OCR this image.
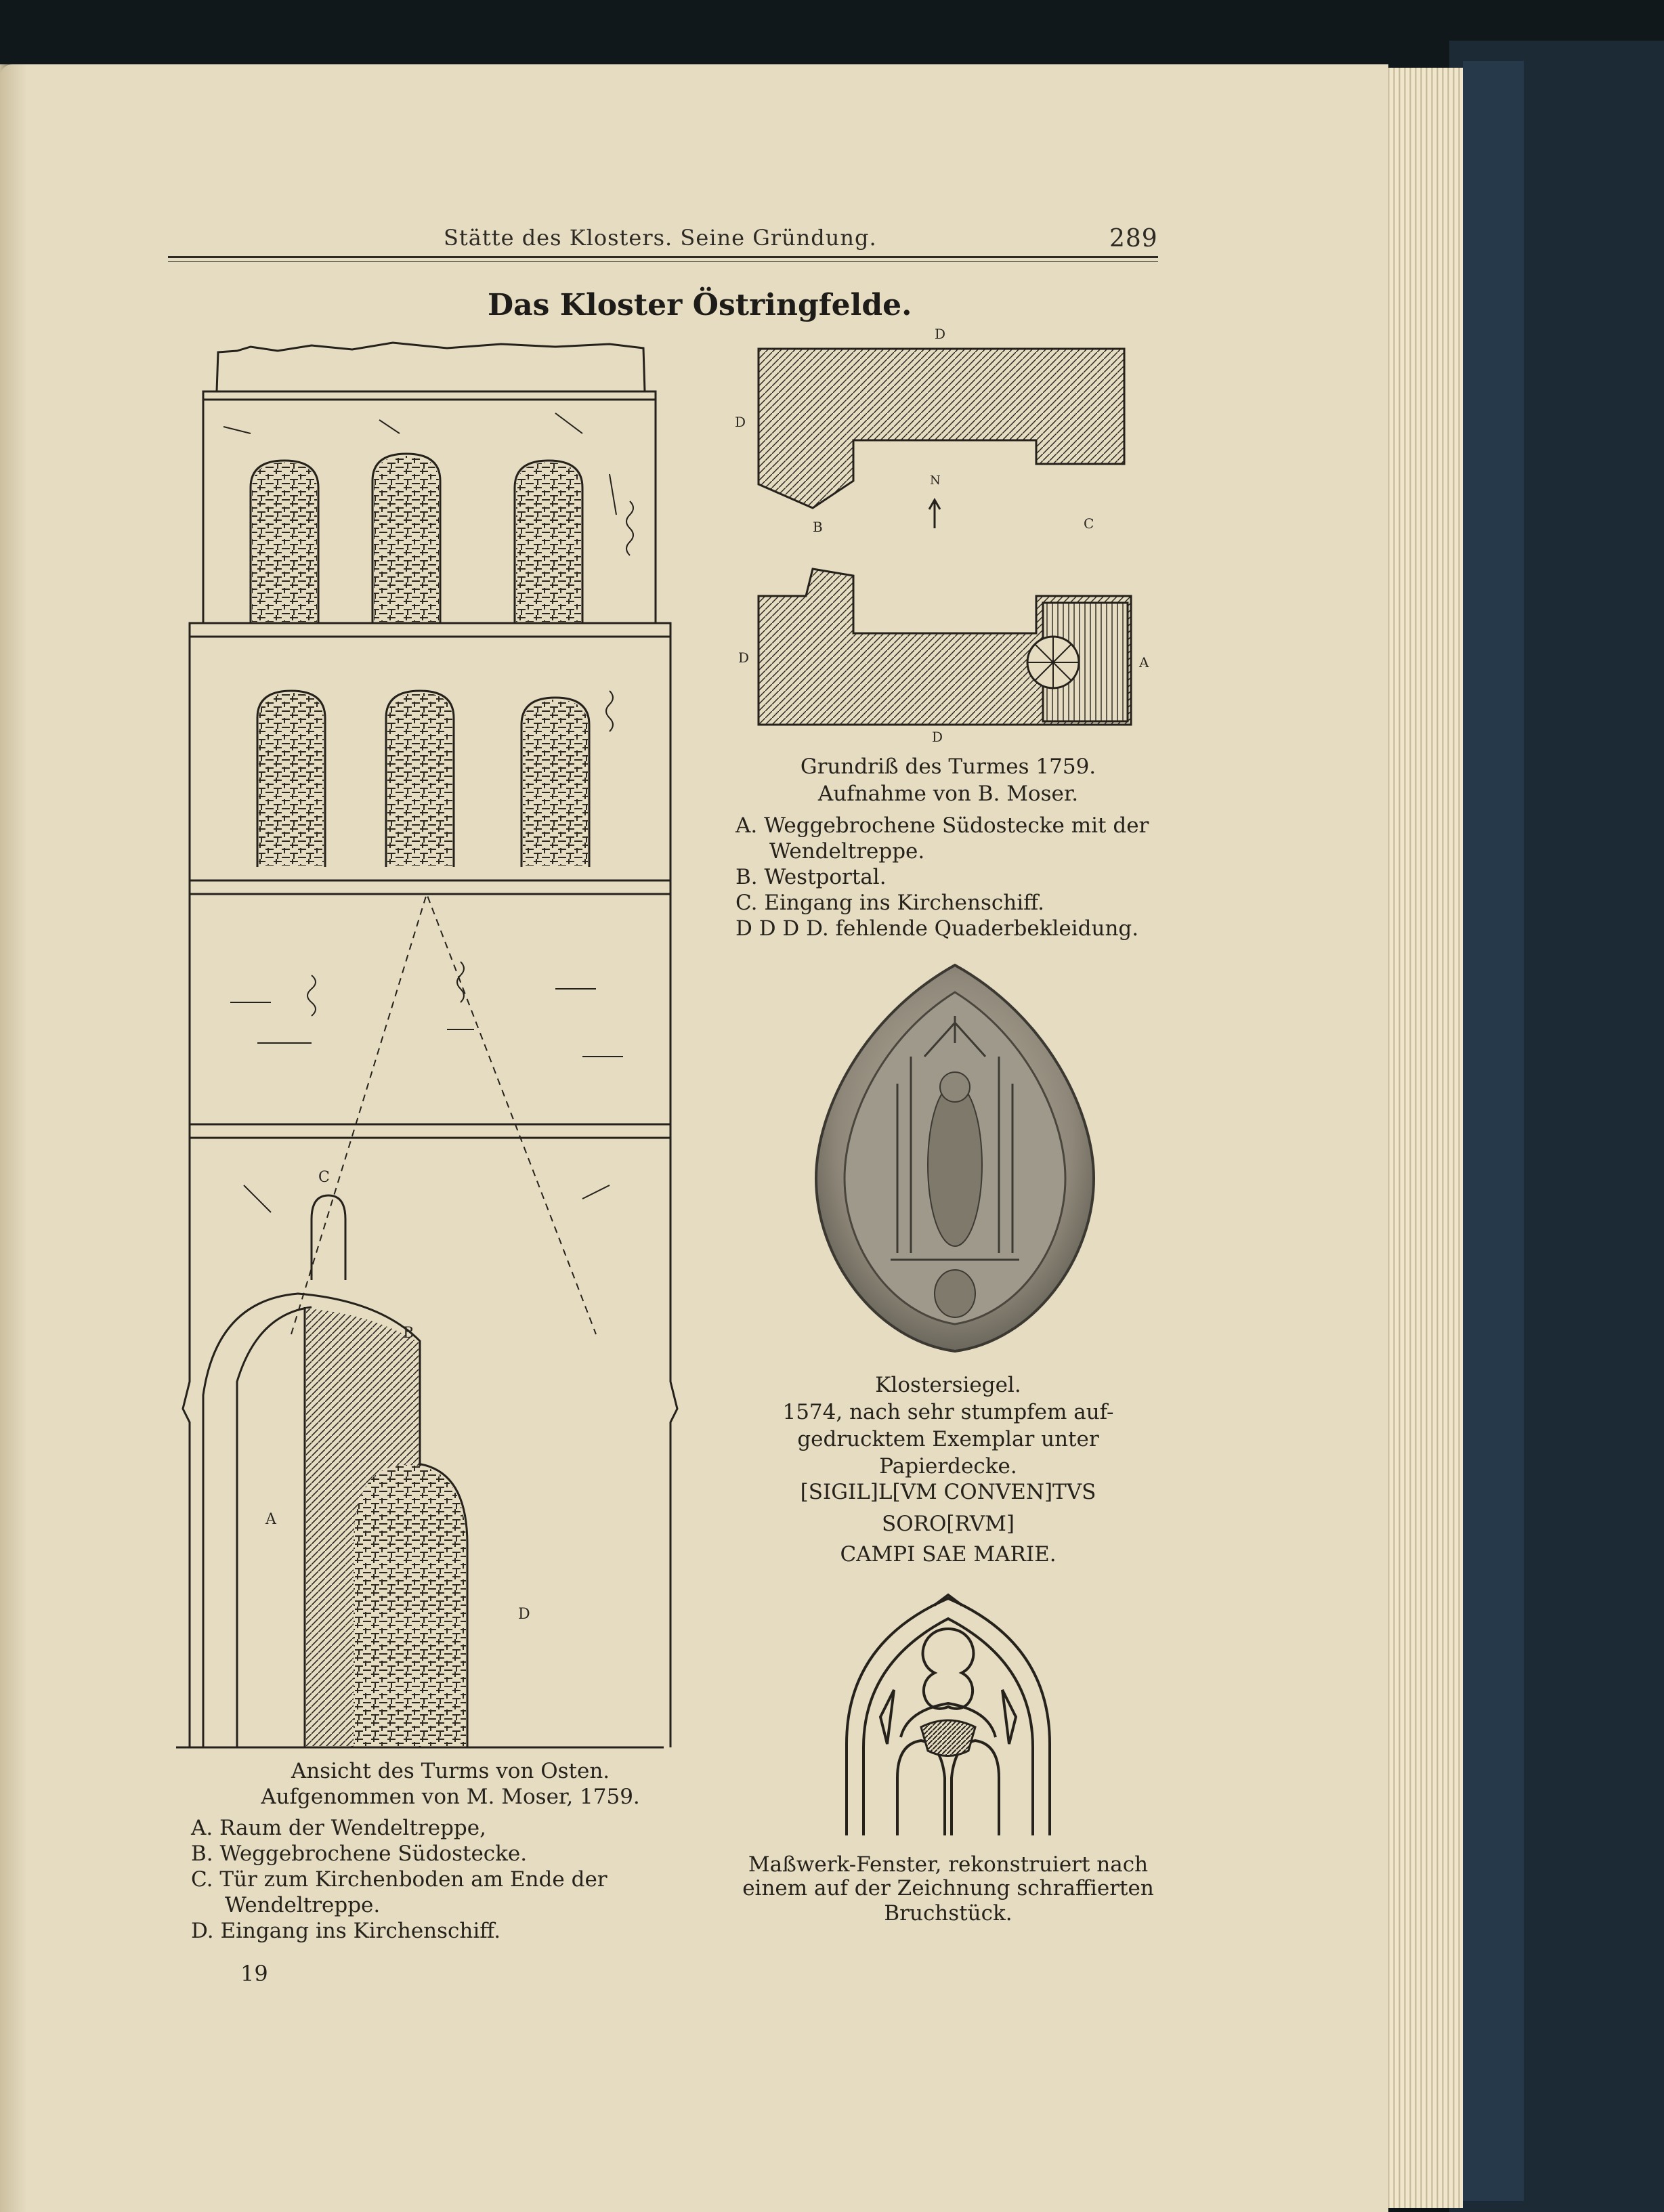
Stätte des Klosters. Seine Gründung.	289
Das Kloster Östringfelde.
A
B
C
D
Ansicht des Turms von Osten.
Aufgenommen von M. Moser, 1759.
A. Raum der Wendeltreppe,
B. Weggebrochene Südostecke.
C. Tür zum Kirchenboden am Ende der
Wendeltreppe.
D. Eingang ins Kirchenschiff.
D
D
B
N
C
D	A
D
Grundriß des Turmes 1759.
Aufnahme von B. Moser.
A. Weggebrochene Südostecke mit der
Wendeltreppe.
B. Westportal.
C. Eingang ins Kirchenschiff.
D D D D. fehlende Quaderbekleidung.
Klostersiegel.
1574, nach sehr stumpfem auf-
gedrucktem Exemplar unter
Papierdecke.
[SIGIL]L[VM CONVEN]TVS
SORO[RVM]
CAMPI SAE MARIE.
Maßwerk-Fenster, rekonstruiert nach
einem auf der Zeichnung schraffierten
Bruchstück.
19
